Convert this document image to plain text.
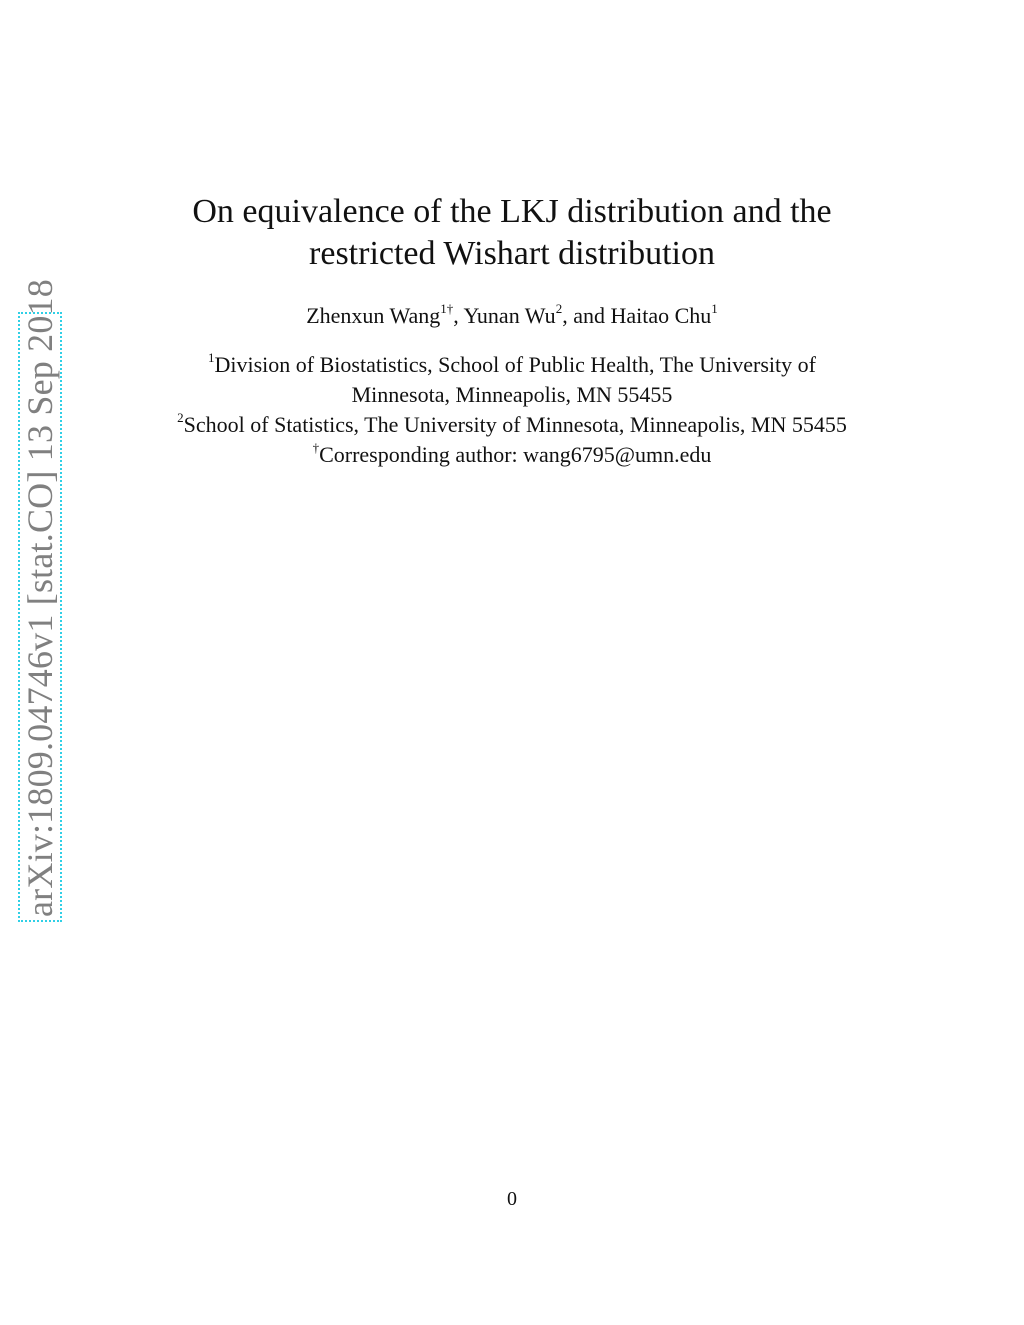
arXiv:1809.04746v1 [stat.CO] 13 Sep 2018
On equivalence of the LKJ distribution and the
restricted Wishart distribution
Zhenxun Wang$^{1\dagger}$, Yunan Wu$^2$, and Haitao Chu$^1$
$^1$Division of Biostatistics, School of Public Health, The University of
Minnesota, Minneapolis, MN 55455
$^2$School of Statistics, The University of Minnesota, Minneapolis, MN 55455
†Corresponding author: wang6795@umn.edu
0
